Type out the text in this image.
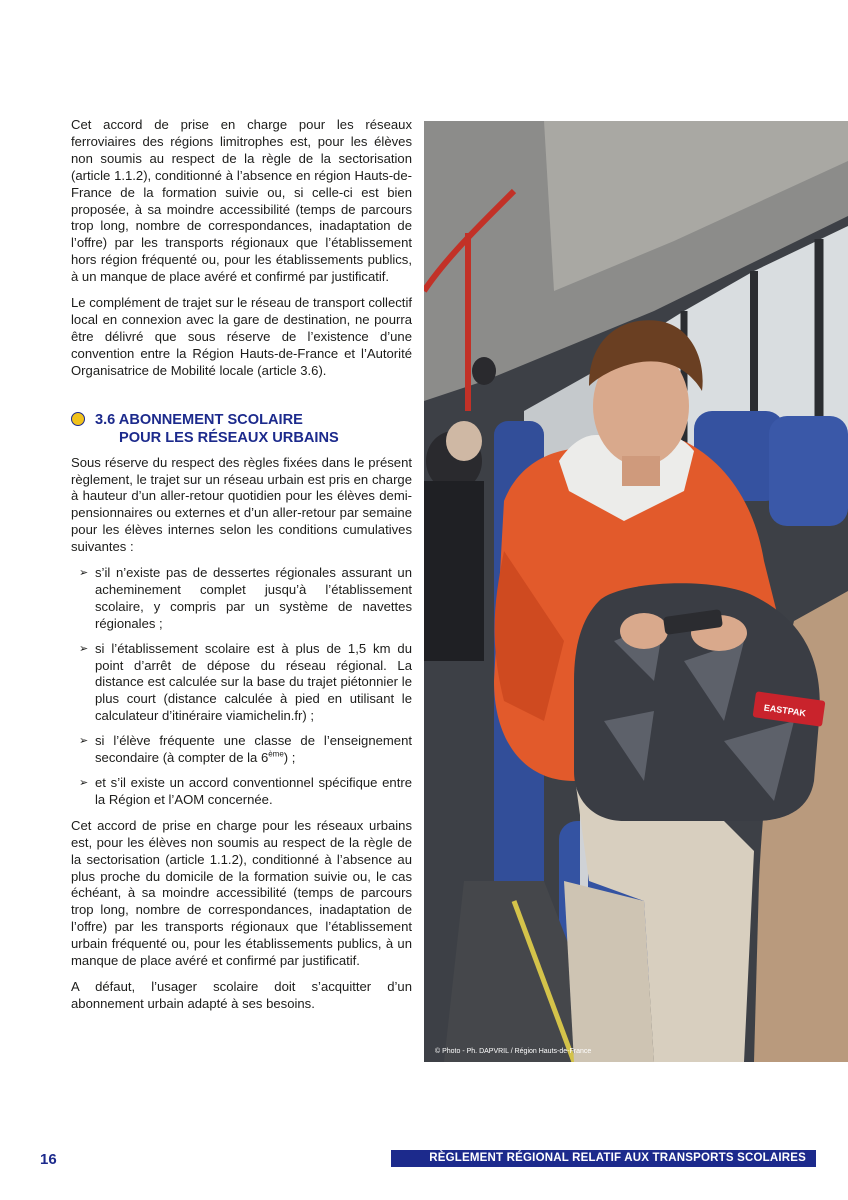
Cet accord de prise en charge pour les réseaux ferroviaires des régions limitrophes est, pour les élèves non soumis au respect de la règle de la sectorisation (article 1.1.2), conditionné à l’absence en région Hauts-de-France de la formation suivie ou, si celle-ci est bien proposée, à sa moindre accessibilité (temps de parcours trop long, nombre de correspondances, inadaptation de l’offre) par les transports régionaux que l’établissement hors région fréquenté ou, pour les établissements publics, à un manque de place avéré et confirmé par justificatif.

Le complément de trajet sur le réseau de transport collectif local en connexion avec la gare de destination, ne pourra être délivré que sous réserve de l’existence d’une convention entre la Région Hauts-de-France et l’Autorité Organisatrice de Mobilité locale (article 3.6).

3.6 ABONNEMENT SCOLAIRE
POUR LES RÉSEAUX URBAINS

Sous réserve du respect des règles fixées dans le présent règlement, le trajet sur un réseau urbain est pris en charge à hauteur d’un aller-retour quotidien pour les élèves demi-pensionnaires ou externes et d’un aller-retour par semaine pour les élèves internes selon les conditions cumulatives suivantes :

➢ s’il n’existe pas de dessertes régionales assurant un acheminement complet jusqu’à l’établissement scolaire, y compris par un système de navettes régionales ;
➢ si l’établissement scolaire est à plus de 1,5 km du point d’arrêt de dépose du réseau régional. La distance est calculée sur la base du trajet piétonnier le plus court (distance calculée à pied en utilisant le calculateur d’itinéraire viamichelin.fr) ;
➢ si l’élève fréquente une classe de l’enseignement secondaire (à compter de la 6ème) ;
➢ et s’il existe un accord conventionnel spécifique entre la Région et l’AOM concernée.

Cet accord de prise en charge pour les réseaux urbains est, pour les élèves non soumis au respect de la règle de la sectorisation (article 1.1.2), conditionné à l’absence au plus proche du domicile de la formation suivie ou, le cas échéant, à sa moindre accessibilité (temps de parcours trop long, nombre de correspondances, inadaptation de l’offre) par les transports régionaux que l’établissement urbain fréquenté ou, pour les établissements publics, à un manque de place avéré et confirmé par justificatif.

A défaut, l’usager scolaire doit s’acquitter d’un abonnement urbain adapté à ses besoins.

EASTPAK
© Photo - Ph. DAPVRIL / Région Hauts-de-France
16	RÈGLEMENT RÉGIONAL RELATIF AUX TRANSPORTS SCOLAIRES
